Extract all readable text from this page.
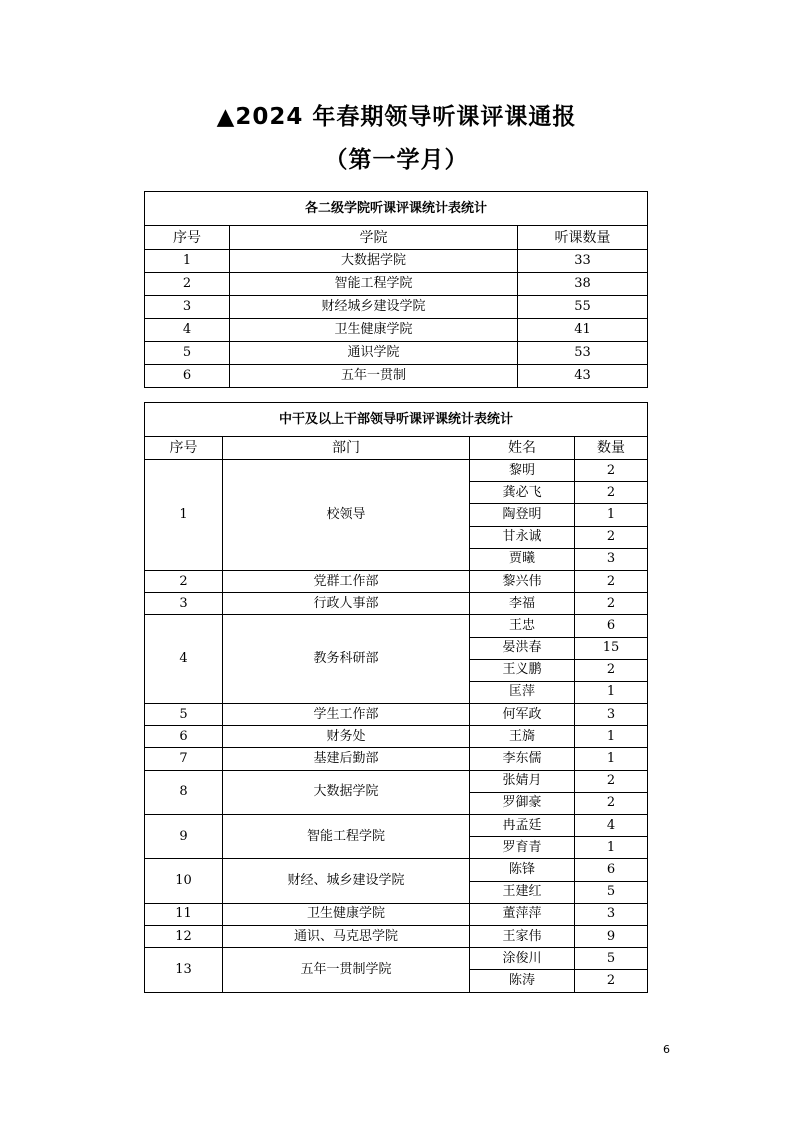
▲2024 年春期领导听课评课通报
（第一学月）
各二级学院听课评课统计表统计		
序号	学院	听课数量
1	大数据学院	33
2	智能工程学院	38
3	财经城乡建设学院	55
4	卫生健康学院	41
5	通识学院	53
6	五年一贯制	43
中干及以上干部领导听课评课统计表统计			
序号	部门	姓名	数量
1	校领导	黎明	2
		龚必飞	2
		陶登明	1
		甘永诚	2
		贾曦	3
2	党群工作部	黎兴伟	2
3	行政人事部	李福	2
4	教务科研部	王忠	6
		晏洪春	15
		王义鹏	2
		匡萍	1
5	学生工作部	何军政	3
6	财务处	王旖	1
7	基建后勤部	李东儒	1
8	大数据学院	张婧月	2
		罗御豪	2
9	智能工程学院	冉孟廷	4
		罗育青	1
10	财经、城乡建设学院	陈锋	6
		王建红	5
11	卫生健康学院	董萍萍	3
12	通识、马克思学院	王家伟	9
13	五年一贯制学院	涂俊川	5
		陈涛	2
6
